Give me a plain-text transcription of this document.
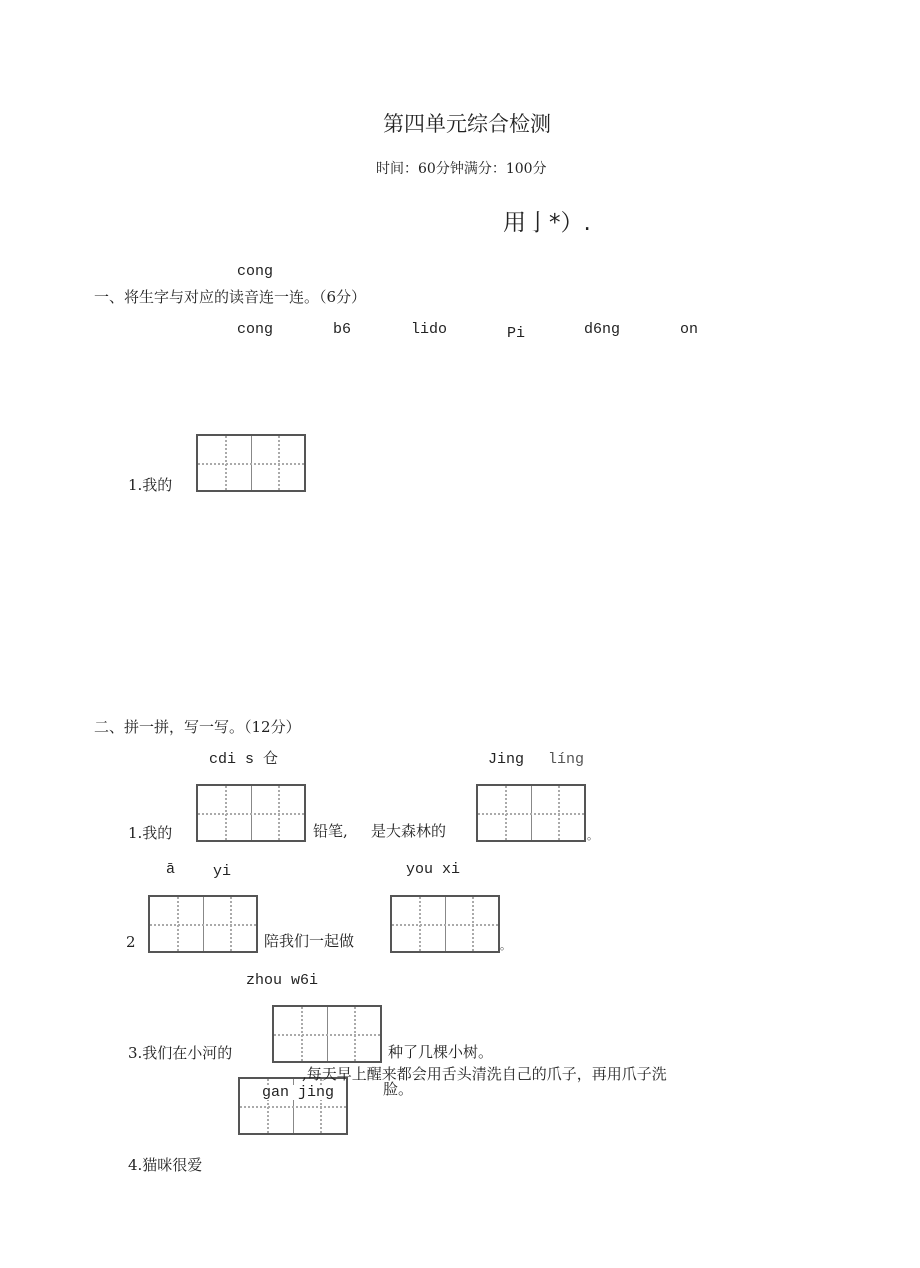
第四单元综合检测
时间：60分钟满分：100分
用亅*）.
cong
一、将生字与对应的读音连一连。（6分）
cong	b6	lido	Pi	d6ng	on
1.我的
二、拼一拼，写一写。（12分）
cdi s 仓	Jing líng
1.我的	铅笔, 是大森林的	。
ā	yi	you xi
2	陪我们一起做	。
zhou w6i
3.我们在小河的	种了几棵小树。
gan jing
,每天早上醒来都会用舌头清洗自己的爪子，再用爪子洗
脸。
4.猫咪很爱
